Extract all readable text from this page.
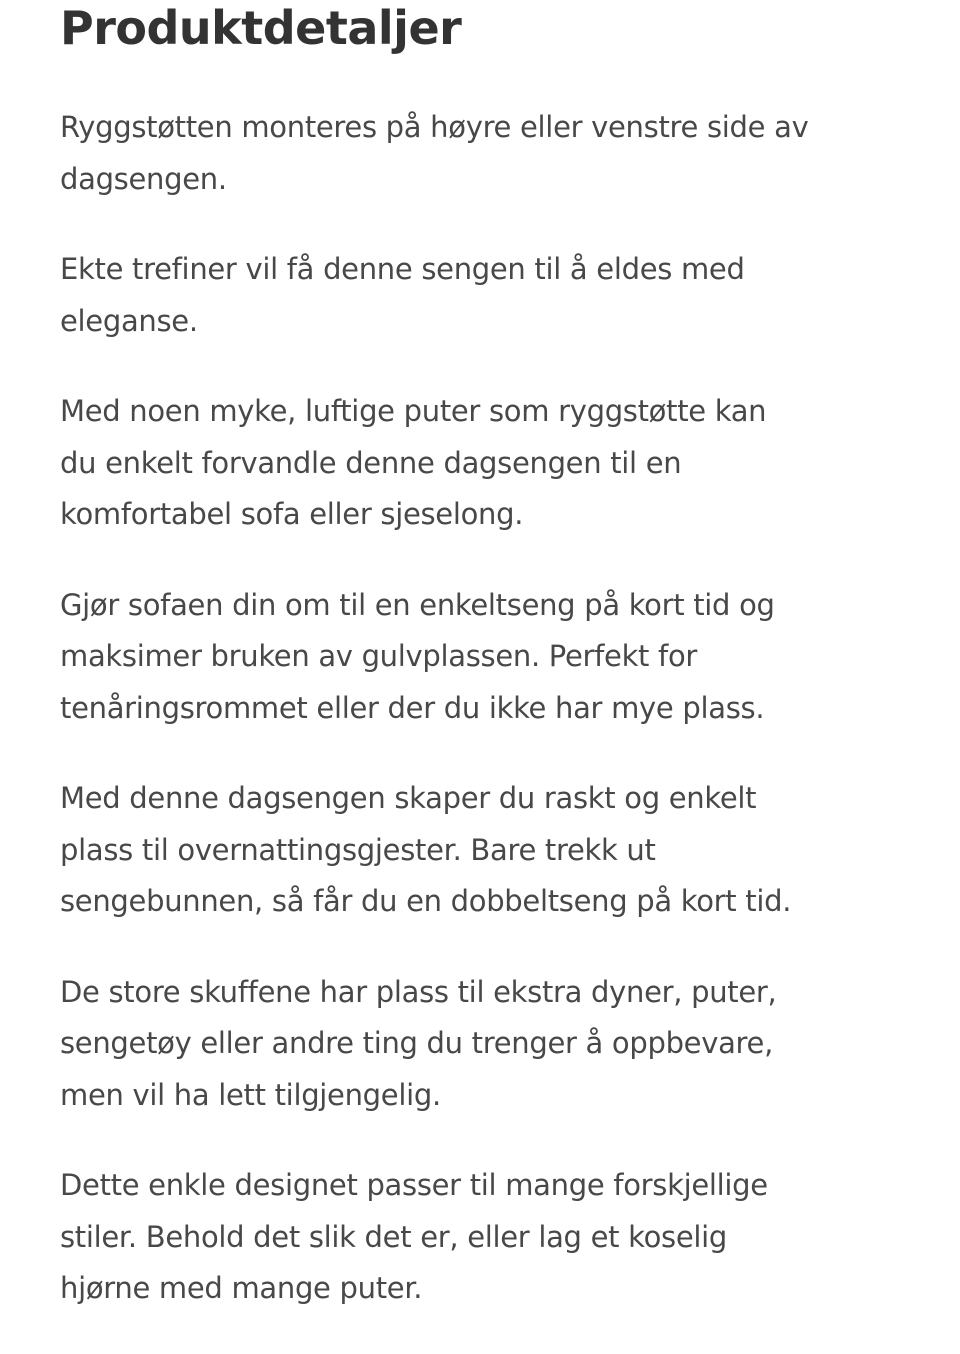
Produktdetaljer

Ryggstøtten monteres på høyre eller venstre side av
dagsengen.

Ekte trefiner vil få denne sengen til å eldes med
eleganse.

Med noen myke, luftige puter som ryggstøtte kan
du enkelt forvandle denne dagsengen til en
komfortabel sofa eller sjeselong.

Gjør sofaen din om til en enkeltseng på kort tid og
maksimer bruken av gulvplassen. Perfekt for
tenåringsrommet eller der du ikke har mye plass.

Med denne dagsengen skaper du raskt og enkelt
plass til overnattingsgjester. Bare trekk ut
sengebunnen, så får du en dobbeltseng på kort tid.

De store skuffene har plass til ekstra dyner, puter,
sengetøy eller andre ting du trenger å oppbevare,
men vil ha lett tilgjengelig.

Dette enkle designet passer til mange forskjellige
stiler. Behold det slik det er, eller lag et koselig
hjørne med mange puter.
